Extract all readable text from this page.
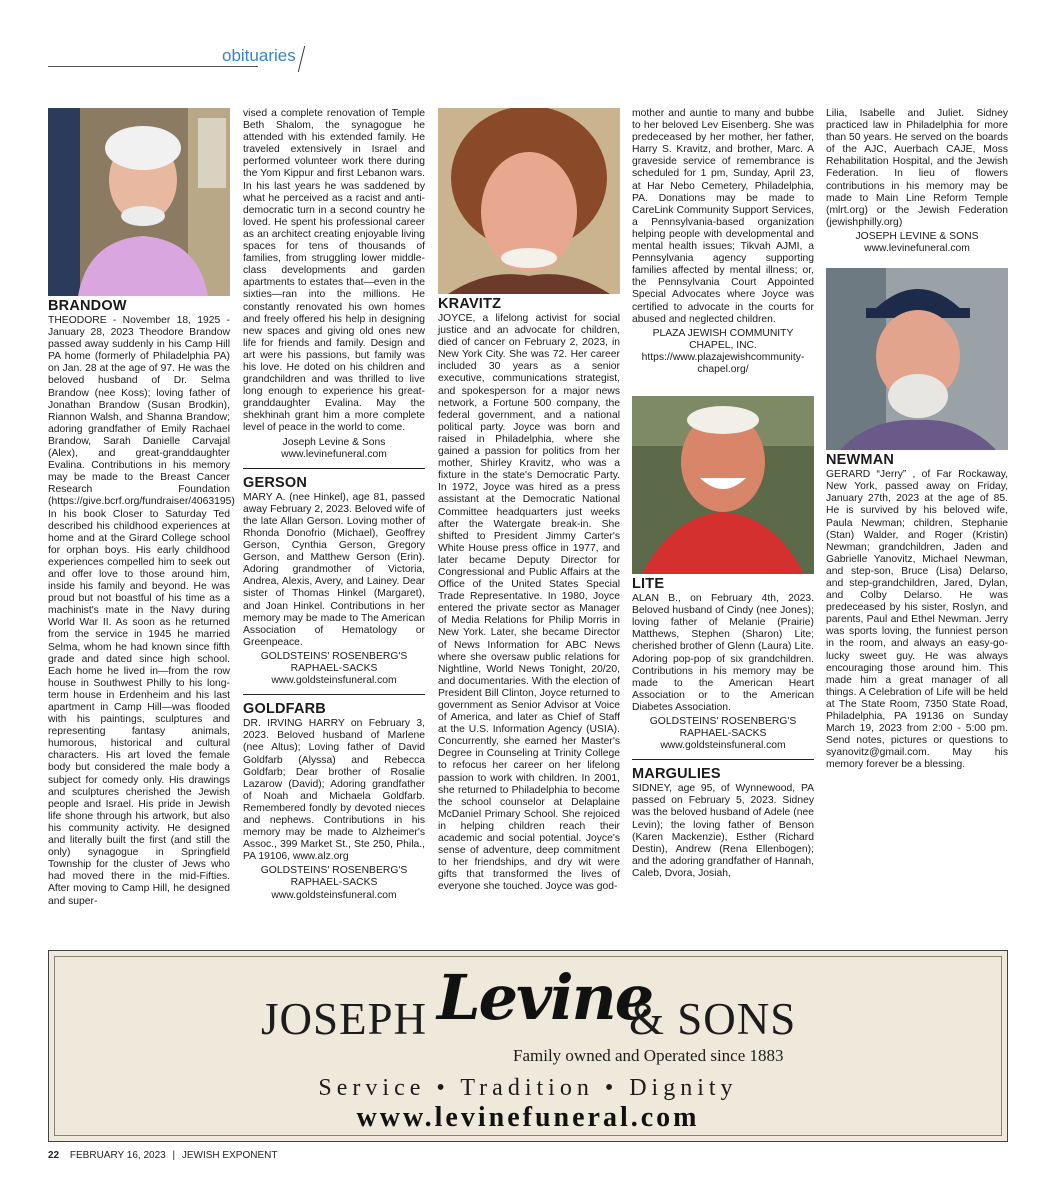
obituaries
BRANDOW
THEODORE - November 18, 1925 - January 28, 2023 Theodore Brandow passed away suddenly in his Camp Hill PA home (formerly of Philadelphia PA) on Jan. 28 at the age of 97. He was the beloved husband of Dr. Selma Brandow (nee Koss); loving father of Jonathan Brandow (Susan Brodkin), Riannon Walsh, and Shanna Brandow; adoring grandfather of Emily Rachael Brandow, Sarah Danielle Carvajal (Alex), and great-granddaughter Evalina. Contributions in his memory may be made to the Breast Cancer Research Foundation (https://give.bcrf.org/fundraiser/4063195) In his book Closer to Saturday Ted described his childhood experiences at home and at the Girard College school for orphan boys. His early childhood experiences compelled him to seek out and offer love to those around him, inside his family and beyond. He was proud but not boastful of his time as a machinist's mate in the Navy during World War II. As soon as he returned from the service in 1945 he married Selma, whom he had known since fifth grade and dated since high school. Each home he lived in—from the row house in Southwest Philly to his long-term house in Erdenheim and his last apartment in Camp Hill—was flooded with his paintings, sculptures and representing fantasy animals, humorous, historical and cultural characters. His art loved the female body but considered the male body a subject for comedy only. His drawings and sculptures cherished the Jewish people and Israel. His pride in Jewish life shone through his artwork, but also his community activity. He designed and literally built the first (and still the only) synagogue in Springfield Township for the cluster of Jews who had moved there in the mid-Fifties. After moving to Camp Hill, he designed and super-
vised a complete renovation of Temple Beth Shalom, the synagogue he attended with his extended family. He traveled extensively in Israel and performed volunteer work there during the Yom Kippur and first Lebanon wars. In his last years he was saddened by what he perceived as a racist and anti-democratic turn in a second country he loved. He spent his professional career as an architect creating enjoyable living spaces for tens of thousands of families, from struggling lower middle-class developments and garden apartments to estates that—even in the sixties—ran into the millions. He constantly renovated his own homes and freely offered his help in designing new spaces and giving old ones new life for friends and family. Design and art were his passions, but family was his love. He doted on his children and grandchildren and was thrilled to live long enough to experience his great-granddaughter Evalina. May the shekhinah grant him a more complete level of peace in the world to come.
Joseph Levine & Sons
www.levinefuneral.com
GERSON
MARY A. (nee Hinkel), age 81, passed away February 2, 2023. Beloved wife of the late Allan Gerson. Loving mother of Rhonda Donofrio (Michael), Geoffrey Gerson, Cynthia Gerson, Gregory Gerson, and Matthew Gerson (Erin). Adoring grandmother of Victoria, Andrea, Alexis, Avery, and Lainey. Dear sister of Thomas Hinkel (Margaret), and Joan Hinkel. Contributions in her memory may be made to The American Association of Hematology or Greenpeace.
GOLDSTEINS' ROSENBERG'S
RAPHAEL-SACKS
www.goldsteinsfuneral.com
GOLDFARB
DR. IRVING HARRY on February 3, 2023. Beloved husband of Marlene (nee Altus); Loving father of David Goldfarb (Alyssa) and Rebecca Goldfarb; Dear brother of Rosalie Lazarow (David); Adoring grandfather of Noah and Michaela Goldfarb. Remembered fondly by devoted nieces and nephews. Contributions in his memory may be made to Alzheimer's Assoc., 399 Market St., Ste 250, Phila., PA 19106, www.alz.org
GOLDSTEINS' ROSENBERG'S
RAPHAEL-SACKS
www.goldsteinsfuneral.com
KRAVITZ
JOYCE, a lifelong activist for social justice and an advocate for children, died of cancer on February 2, 2023, in New York City. She was 72. Her career included 30 years as a senior executive, communications strategist, and spokesperson for a major news network, a Fortune 500 company, the federal government, and a national political party. Joyce was born and raised in Philadelphia, where she gained a passion for politics from her mother, Shirley Kravitz, who was a fixture in the state's Democratic Party. In 1972, Joyce was hired as a press assistant at the Democratic National Committee headquarters just weeks after the Watergate break-in. She shifted to President Jimmy Carter's White House press office in 1977, and later became Deputy Director for Congressional and Public Affairs at the Office of the United States Special Trade Representative. In 1980, Joyce entered the private sector as Manager of Media Relations for Philip Morris in New York. Later, she became Director of News Information for ABC News where she oversaw public relations for Nightline, World News Tonight, 20/20, and documentaries. With the election of President Bill Clinton, Joyce returned to government as Senior Advisor at Voice of America, and later as Chief of Staff at the U.S. Information Agency (USIA). Concurrently, she earned her Master's Degree in Counseling at Trinity College to refocus her career on her lifelong passion to work with children. In 2001, she returned to Philadelphia to become the school counselor at Delaplaine McDaniel Primary School. She rejoiced in helping children reach their academic and social potential. Joyce's sense of adventure, deep commitment to her friendships, and dry wit were gifts that transformed the lives of everyone she touched. Joyce was god-
mother and auntie to many and bubbe to her beloved Lev Eisenberg. She was predeceased by her mother, her father, Harry S. Kravitz, and brother, Marc. A graveside service of remembrance is scheduled for 1 pm, Sunday, April 23, at Har Nebo Cemetery, Philadelphia, PA. Donations may be made to CareLink Community Support Services, a Pennsylvania-based organization helping people with developmental and mental health issues; Tikvah AJMI, a Pennsylvania agency supporting families affected by mental illness; or, the Pennsylvania Court Appointed Special Advocates where Joyce was certified to advocate in the courts for abused and neglected children.
PLAZA JEWISH COMMUNITY
CHAPEL, INC.
https://www.plazajewishcommunity-
chapel.org/
LITE
ALAN B., on February 4th, 2023. Beloved husband of Cindy (nee Jones); loving father of Melanie (Prairie) Matthews, Stephen (Sharon) Lite; cherished brother of Glenn (Laura) Lite. Adoring pop-pop of six grandchildren. Contributions in his memory may be made to the American Heart Association or to the American Diabetes Association.
GOLDSTEINS' ROSENBERG'S
RAPHAEL-SACKS
www.goldsteinsfuneral.com
MARGULIES
SIDNEY, age 95, of Wynnewood, PA passed on February 5, 2023. Sidney was the beloved husband of Adele (nee Levin); the loving father of Benson (Karen Mackenzie), Esther (Richard Destin), Andrew (Rena Ellenbogen); and the adoring grandfather of Hannah, Caleb, Dvora, Josiah,
Lilia, Isabelle and Juliet. Sidney practiced law in Philadelphia for more than 50 years. He served on the boards of the AJC, Auerbach CAJE, Moss Rehabilitation Hospital, and the Jewish Federation. In lieu of flowers contributions in his memory may be made to Main Line Reform Temple (mlrt.org) or the Jewish Federation (jewishphilly.org)
JOSEPH LEVINE & SONS
www.levinefuneral.com
NEWMAN
GERARD “Jerry” , of Far Rockaway, New York, passed away on Friday, January 27th, 2023 at the age of 85. He is survived by his beloved wife, Paula Newman; children, Stephanie (Stan) Walder, and Roger (Kristin) Newman; grandchildren, Jaden and Gabrielle Yanovitz, Michael Newman, and step-son, Bruce (Lisa) Delarso, and step-grandchildren, Jared, Dylan, and Colby Delarso. He was predeceased by his sister, Roslyn, and parents, Paul and Ethel Newman. Jerry was sports loving, the funniest person in the room, and always an easy-go-lucky sweet guy. He was always encouraging those around him. This made him a great manager of all things. A Celebration of Life will be held at The State Room, 7350 State Road, Philadelphia, PA 19136 on Sunday March 19, 2023 from 2:00 - 5:00 pm. Send notes, pictures or questions to syanovitz@gmail.com. May his memory forever be a blessing.
JOSEPH Levine
& SONS
Family owned and Operated since 1883
Service • Tradition • Dignity
www.levinefuneral.com
22 FEBRUARY 16, 2023 | JEWISH EXPONENT
